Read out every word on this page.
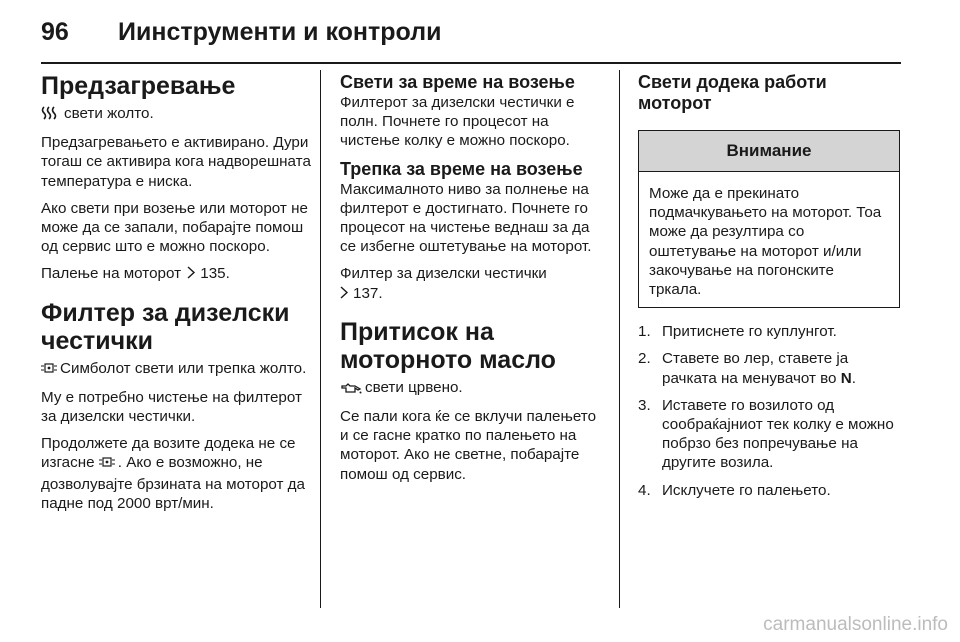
96 Иинструменти и контроли
Предзагревање

свети жолто.

Предзагревањето е активирано. Дури тогаш се активира кога надворешната температура е ниска.

Ако свети при возење или моторот не може да се запали, побарајте помош од сервис што е можно поскоро.

Палење на моторот 135.

Филтер за дизелски честички

Симболот свети или трепка жолто.

Му е потребно чистење на филтерот за дизелски честички.

Продолжете да возите додека не се изгасне . Ако е возможно, не дозволувајте брзината на моторот да падне под 2000 врт/мин.

Свети за време на возење

Филтерот за дизелски честички е полн. Почнете го процесот на чистење колку е можно поскоро.

Трепка за време на возење

Максималното ниво за полнење на филтерот е достигнато. Почнете го процесот на чистење веднаш за да се избегне оштетување на моторот.

Филтер за дизелски честички
137.

Притисок на моторното масло

свети црвено.

Се пали кога ќе се вклучи палењето и се гасне кратко по палењето на моторот. Ако не светне, побарајте помош од сервис.

Свети додека работи моторот
Внимание
Може да е прекинато подмачкувањето на моторот. Тоа може да резултира со оштетување на моторот и/или закочување на погонските тркала.
1. Притиснете го куплунгот.
2. Ставете во лер, ставете ја рачката на менувачот во N.
3. Иставете го возилото од сообраќајниот тек колку е можно побрзо без попречување на другите возила.
4. Исклучете го палењето.
carmanualsonline.info
